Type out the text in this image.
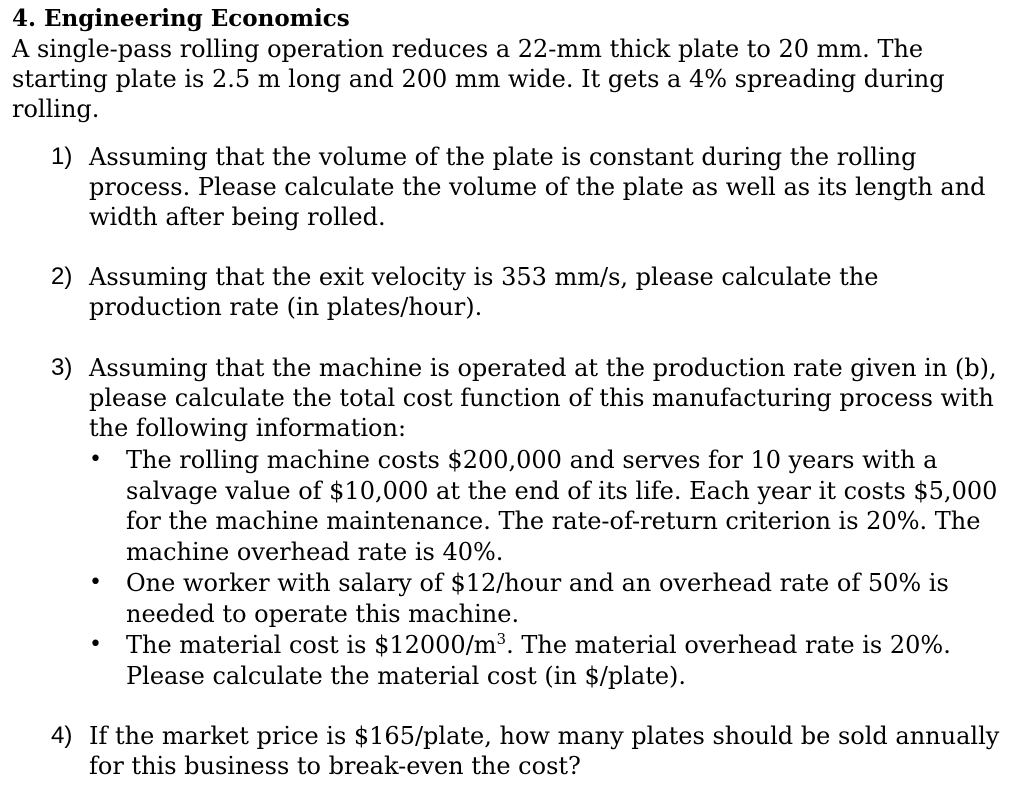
4. Engineering Economics

A single-pass rolling operation reduces a 22-mm thick plate to 20 mm. The starting plate is 2.5 m long and 200 mm wide. It gets a 4% spreading during rolling.

1) Assuming that the volume of the plate is constant during the rolling process. Please calculate the volume of the plate as well as its length and width after being rolled.
2) Assuming that the exit velocity is 353 mm/s, please calculate the production rate (in plates/hour).
3) Assuming that the machine is operated at the production rate given in (b), please calculate the total cost function of this manufacturing process with the following information:
• The rolling machine costs $200,000 and serves for 10 years with a salvage value of $10,000 at the end of its life. Each year it costs $5,000 for the machine maintenance. The rate-of-return criterion is 20%. The machine overhead rate is 40%.
• One worker with salary of $12/hour and an overhead rate of 50% is needed to operate this machine.
• The material cost is $\$12000/m^3$. The material overhead rate is 20%. Please calculate the material cost (in $/plate).
4) If the market price is $165/plate, how many plates should be sold annually for this business to break-even the cost?
